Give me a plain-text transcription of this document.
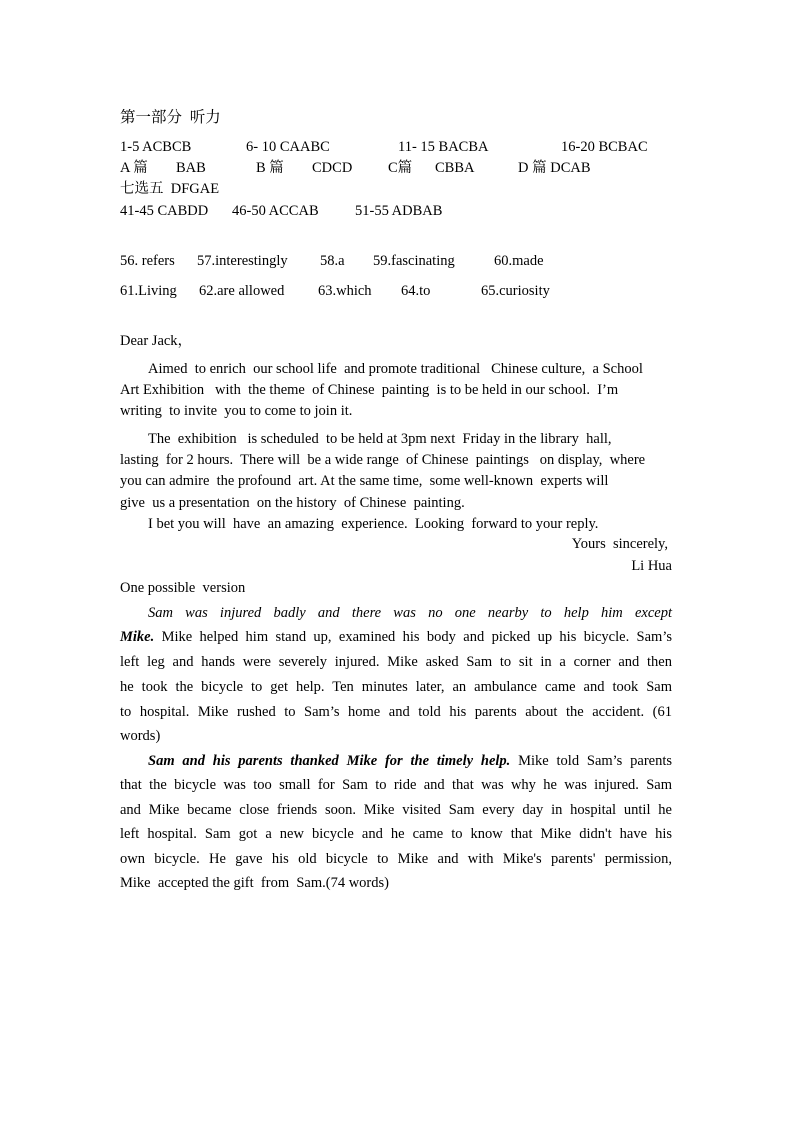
第一部分  听力
1-5 ACBCB	6- 10 CAABC	11- 15 BACBA	16-20 BCBAC
A 篇 BAB	B 篇 CDCD C篇 CBBA	D 篇 DCAB
七选五  DFGAE
41-45 CABDD 46-50 ACCAB	51-55 ADBAB
56. refers 57.interestingly 58.a 59.fascinating	60.made
61.Living 62.are allowed 63.which 64.to	65.curiosity
Dear Jack，
Aimed  to enrich  our school life  and promote traditional   Chinese culture,  a School
Art Exhibition   with  the theme  of Chinese  painting  is to be held in our school.  I’m
writing  to invite  you to come to join it.
The  exhibition   is scheduled  to be held at 3pm next  Friday in the library  hall,
lasting  for 2 hours.  There will  be a wide range  of Chinese  paintings   on display,  where
you can admire  the profound  art. At the same time,  some well-known  experts will
give  us a presentation  on the history  of Chinese  painting.
I bet you will  have  an amazing  experience.  Looking  forward to your reply.
Yours  sincerely,
Li Hua
One possible  version
Sam was injured badly and there was no one nearby to help him except
Mike. Mike helped him stand up, examined his body and picked up his bicycle. Sam’s
left leg and hands were severely injured. Mike asked Sam to sit in a corner and then
he took the bicycle to get help. Ten minutes later, an ambulance came and took Sam
to hospital. Mike rushed to Sam’s home and told his parents about the accident. (61
words)
Sam and his parents thanked Mike for the timely help. Mike told Sam’s parents
that the bicycle was too small for Sam to ride and that was why he was injured. Sam
and Mike became close friends soon. Mike visited Sam every day in hospital until he
left hospital. Sam got a new bicycle and he came to know that Mike didn't have his
own bicycle. He gave his old bicycle to Mike and with Mike's parents' permission,
Mike  accepted the gift  from  Sam.(74 words)
